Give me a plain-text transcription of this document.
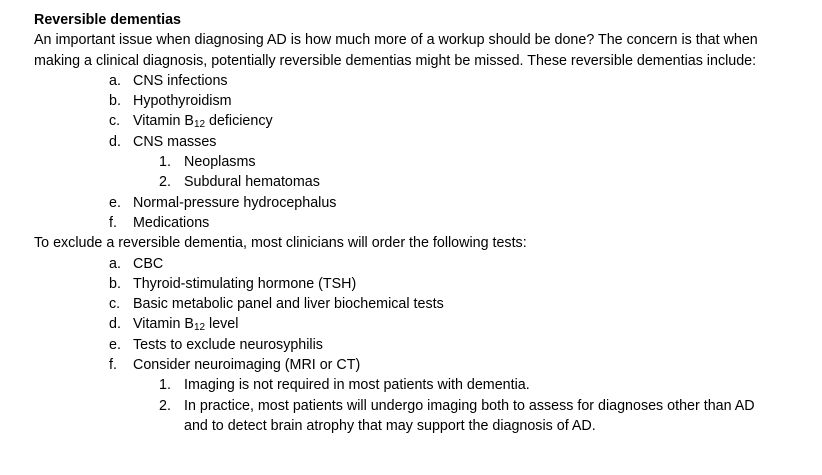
Reversible dementias

An important issue when diagnosing AD is how much more of a workup should be done? The concern is that when making a clinical diagnosis, potentially reversible dementias might be missed. These reversible dementias include:

a. CNS infections
b. Hypothyroidism
c. Vitamin $B_{12}$ deficiency
d. CNS masses
1. Neoplasms
2. Subdural hematomas
e. Normal-pressure hydrocephalus
f. Medications

To exclude a reversible dementia, most clinicians will order the following tests:

a. CBC
b. Thyroid-stimulating hormone (TSH)
c. Basic metabolic panel and liver biochemical tests
d. Vitamin $B_{12}$ level
e. Tests to exclude neurosyphilis
f. Consider neuroimaging (MRI or CT)
1. Imaging is not required in most patients with dementia.
2. In practice, most patients will undergo imaging both to assess for diagnoses other than AD and to detect brain atrophy that may support the diagnosis of AD.
